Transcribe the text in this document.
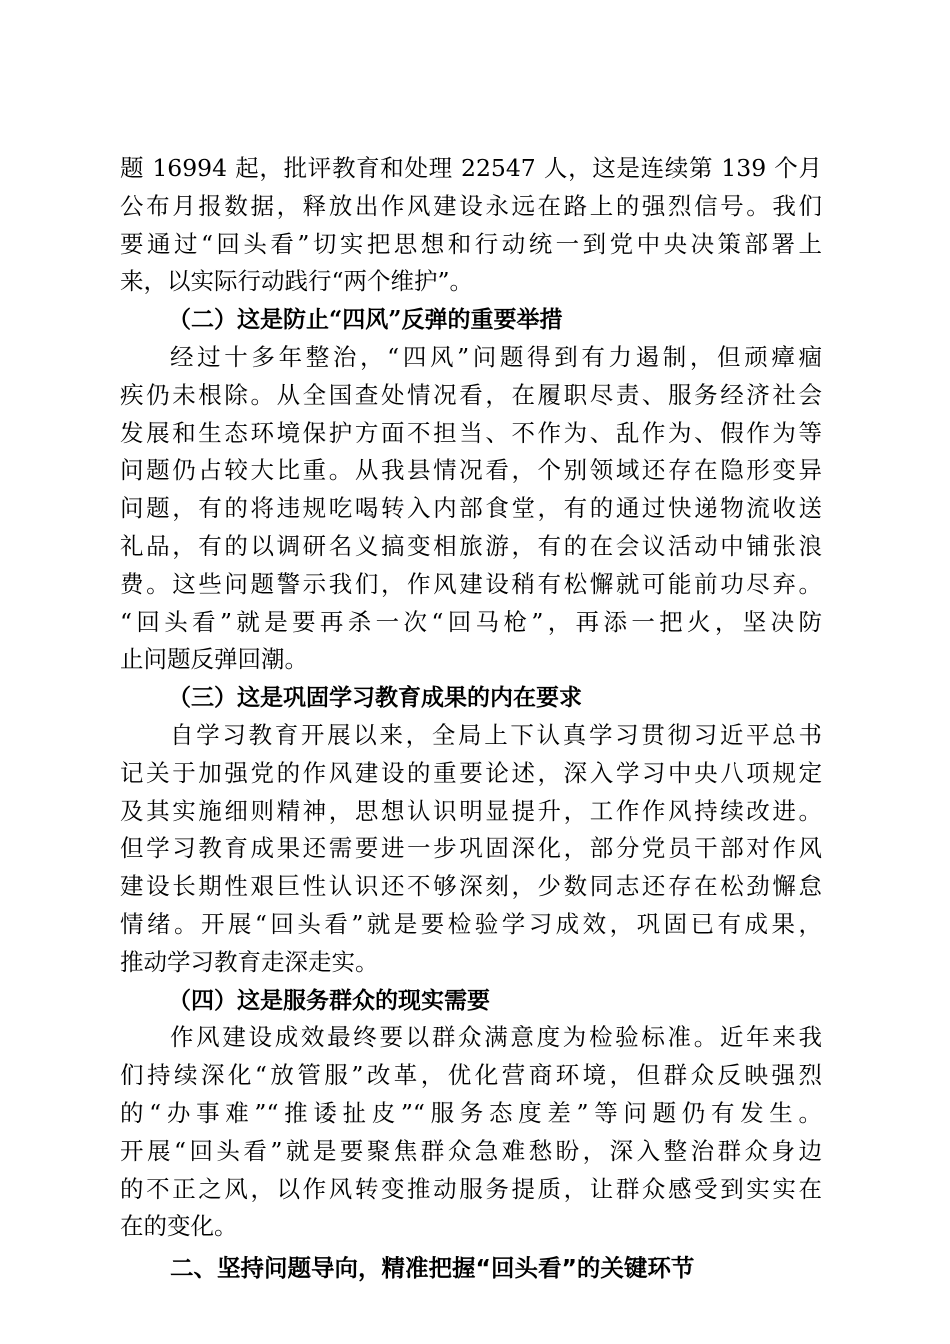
题 16994 起，批评教育和处理 22547 人，这是连续第 139 个月
公布月报数据，释放出作风建设永远在路上的强烈信号。我们
要通过“回头看”切实把思想和行动统一到党中央决策部署上
来，以实际行动践行“两个维护”。
（二）这是防止“四风”反弹的重要举措
经过十多年整治，“四风”问题得到有力遏制，但顽瘴痼
疾仍未根除。从全国查处情况看，在履职尽责、服务经济社会
发展和生态环境保护方面不担当、不作为、乱作为、假作为等
问题仍占较大比重。从我县情况看，个别领域还存在隐形变异
问题，有的将违规吃喝转入内部食堂，有的通过快递物流收送
礼品，有的以调研名义搞变相旅游，有的在会议活动中铺张浪
费。这些问题警示我们，作风建设稍有松懈就可能前功尽弃。
“回头看”就是要再杀一次“回马枪”，再添一把火，坚决防
止问题反弹回潮。
（三）这是巩固学习教育成果的内在要求
自学习教育开展以来，全局上下认真学习贯彻习近平总书
记关于加强党的作风建设的重要论述，深入学习中央八项规定
及其实施细则精神，思想认识明显提升，工作作风持续改进。
但学习教育成果还需要进一步巩固深化，部分党员干部对作风
建设长期性艰巨性认识还不够深刻，少数同志还存在松劲懈怠
情绪。开展“回头看”就是要检验学习成效，巩固已有成果，
推动学习教育走深走实。
（四）这是服务群众的现实需要
作风建设成效最终要以群众满意度为检验标准。近年来我
们持续深化“放管服”改革，优化营商环境，但群众反映强烈
的“办事难”“推诿扯皮”“服务态度差”等问题仍有发生。
开展“回头看”就是要聚焦群众急难愁盼，深入整治群众身边
的不正之风，以作风转变推动服务提质，让群众感受到实实在
在的变化。
二、坚持问题导向，精准把握“回头看”的关键环节
